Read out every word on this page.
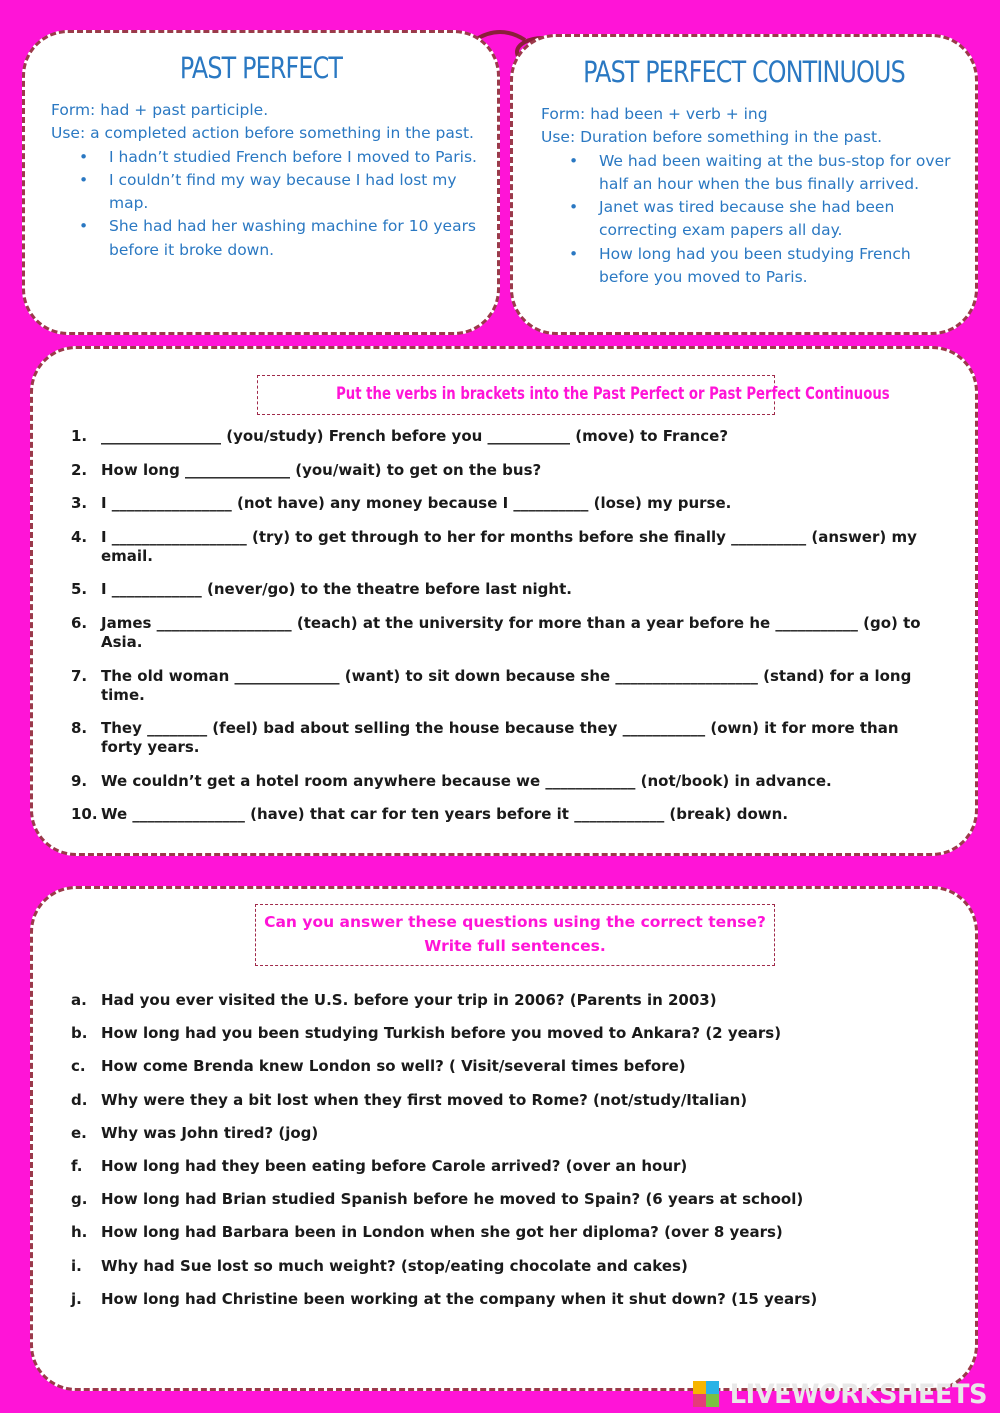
PAST PERFECT
Form: had + past participle.
Use: a completed action before something in the past.
• I hadn’t studied French before I moved to Paris.
• I couldn’t find my way because I had lost my map.
• She had had her washing machine for 10 years before it broke down.
PAST PERFECT CONTINUOUS
Form: had been + verb + ing
Use: Duration before something in the past.
• We had been waiting at the bus-stop for over half an hour when the bus finally arrived.
• Janet was tired because she had been correcting exam papers all day.
• How long had you been studying French before you moved to Paris.
Put the verbs in brackets into the Past Perfect or Past Perfect Continuous
1. ________________ (you/study) French before you ___________ (move) to France?
2. How long ______________ (you/wait) to get on the bus?
3. I ________________ (not have) any money because I __________ (lose) my purse.
4. I __________________ (try) to get through to her for months before she finally __________ (answer) my email.
5. I ____________ (never/go) to the theatre before last night.
6. James __________________ (teach) at the university for more than a year before he ___________ (go) to Asia.
7. The old woman ______________ (want) to sit down because she ___________________ (stand) for a long time.
8. They ________ (feel) bad about selling the house because they ___________ (own) it for more than forty years.
9. We couldn’t get a hotel room anywhere because we ____________ (not/book) in advance.
10. We _______________ (have) that car for ten years before it ____________ (break) down.
Can you answer these questions using the correct tense?
Write full sentences.
a. Had you ever visited the U.S. before your trip in 2006? (Parents in 2003)
b. How long had you been studying Turkish before you moved to Ankara? (2 years)
c. How come Brenda knew London so well? ( Visit/several times before)
d. Why were they a bit lost when they first moved to Rome? (not/study/Italian)
e. Why was John tired? (jog)
f. How long had they been eating before Carole arrived? (over an hour)
g. How long had Brian studied Spanish before he moved to Spain? (6 years at school)
h. How long had Barbara been in London when she got her diploma? (over 8 years)
i. Why had Sue lost so much weight? (stop/eating chocolate and cakes)
j. How long had Christine been working at the company when it shut down? (15 years)
LIVEWORKSHEETS
